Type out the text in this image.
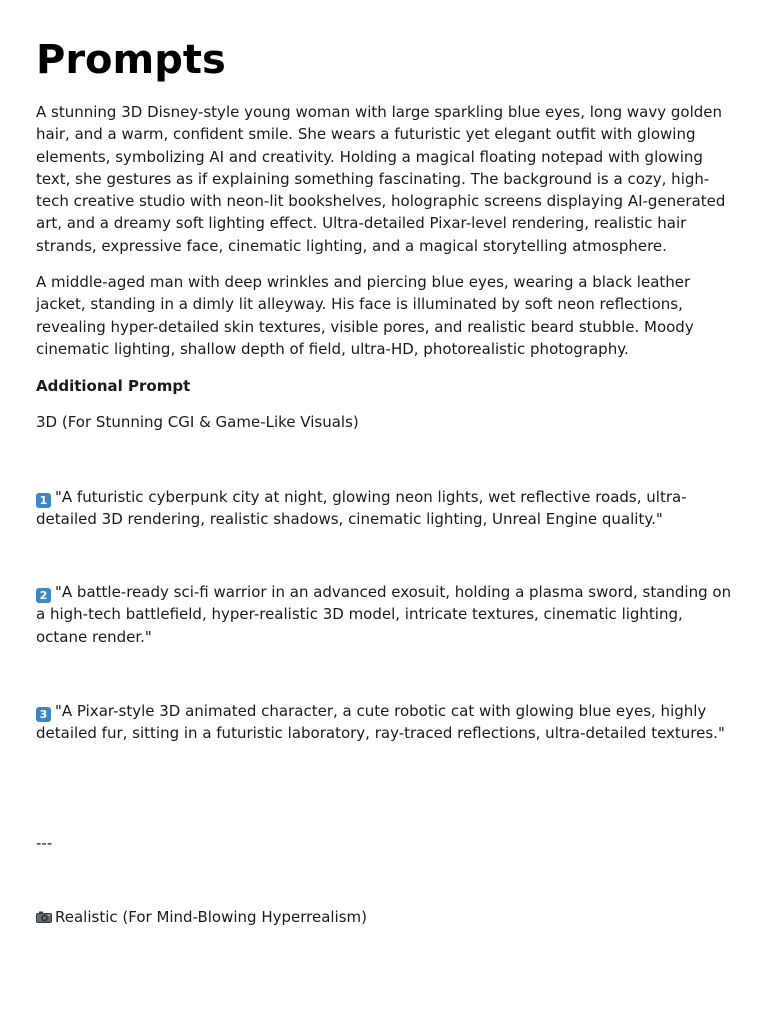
Prompts

A stunning 3D Disney-style young woman with large sparkling blue eyes, long wavy golden hair, and a warm, confident smile. She wears a futuristic yet elegant outfit with glowing elements, symbolizing AI and creativity. Holding a magical floating notepad with glowing text, she gestures as if explaining something fascinating. The background is a cozy, high-tech creative studio with neon-lit bookshelves, holographic screens displaying AI-generated art, and a dreamy soft lighting effect. Ultra-detailed Pixar-level rendering, realistic hair strands, expressive face, cinematic lighting, and a magical storytelling atmosphere.

A middle-aged man with deep wrinkles and piercing blue eyes, wearing a black leather jacket, standing in a dimly lit alleyway. His face is illuminated by soft neon reflections, revealing hyper-detailed skin textures, visible pores, and realistic beard stubble. Moody cinematic lighting, shallow depth of field, ultra-HD, photorealistic photography.

Additional Prompt

3D (For Stunning CGI & Game-Like Visuals)

1 "A futuristic cyberpunk city at night, glowing neon lights, wet reflective roads, ultra-detailed 3D rendering, realistic shadows, cinematic lighting, Unreal Engine quality."

2 "A battle-ready sci-fi warrior in an advanced exosuit, holding a plasma sword, standing on a high-tech battlefield, hyper-realistic 3D model, intricate textures, cinematic lighting, octane render."

3 "A Pixar-style 3D animated character, a cute robotic cat with glowing blue eyes, highly detailed fur, sitting in a futuristic laboratory, ray-traced reflections, ultra-detailed textures."

---

Realistic (For Mind-Blowing Hyperrealism)
